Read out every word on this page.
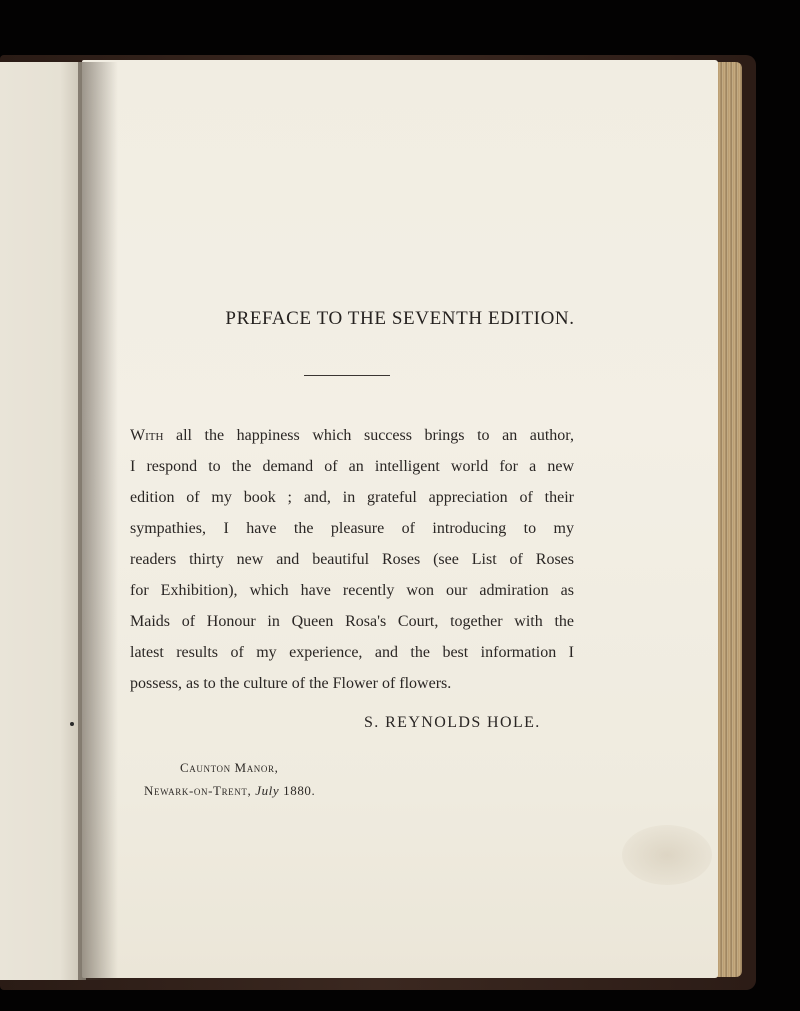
PREFACE TO THE SEVENTH EDITION.
With all the happiness which success brings to an author,
I respond to the demand of an intelligent world for a new
edition of my book ; and, in grateful appreciation of their
sympathies, I have the pleasure of introducing to my
readers thirty new and beautiful Roses (see List of Roses
for Exhibition), which have recently won our admiration as
Maids of Honour in Queen Rosa's Court, together with the
latest results of my experience, and the best information I
possess, as to the culture of the Flower of flowers.
S. REYNOLDS HOLE.
Caunton Manor,
Newark-on-Trent, July 1880.
